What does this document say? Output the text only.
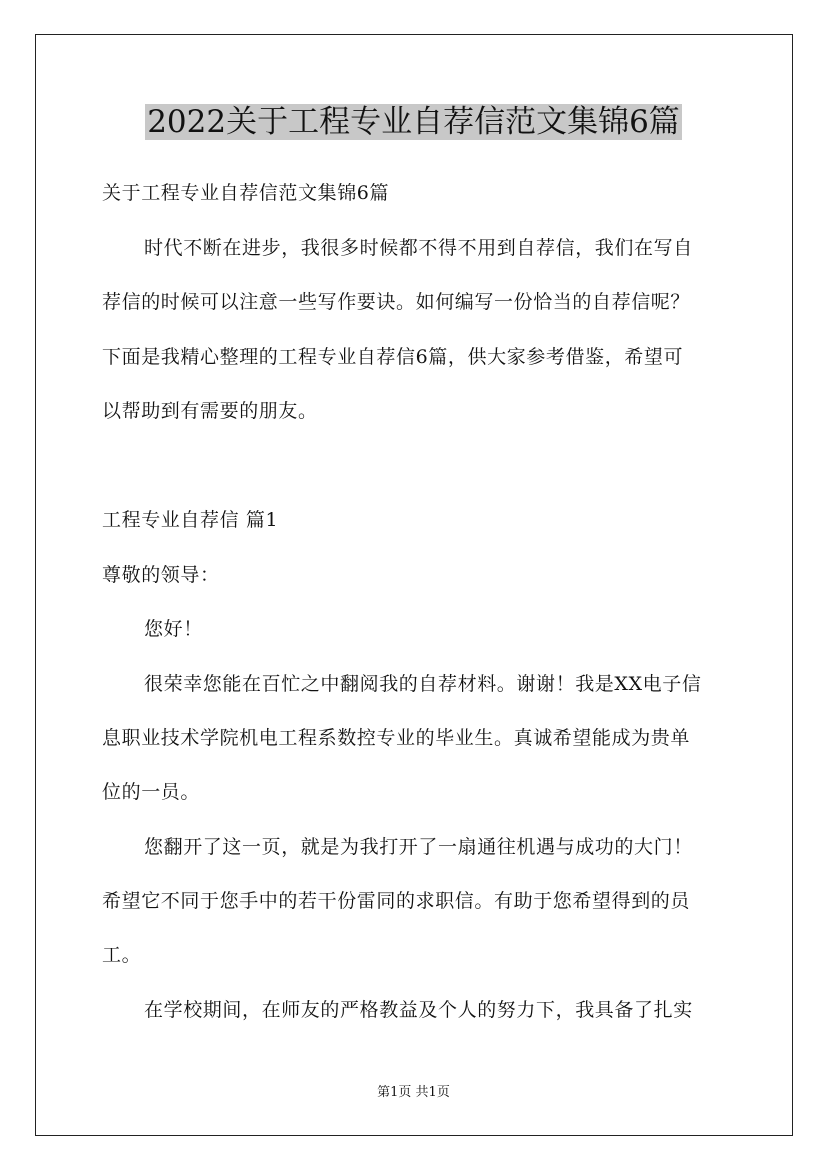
2022关于工程专业自荐信范文集锦6篇

关于工程专业自荐信范文集锦6篇

时代不断在进步，我很多时候都不得不用到自荐信，我们在写自

荐信的时候可以注意一些写作要诀。如何编写一份恰当的自荐信呢？

下面是我精心整理的工程专业自荐信6篇，供大家参考借鉴，希望可

以帮助到有需要的朋友。

工程专业自荐信 篇1

尊敬的领导：

您好！

很荣幸您能在百忙之中翻阅我的自荐材料。谢谢！我是XX电子信

息职业技术学院机电工程系数控专业的毕业生。真诚希望能成为贵单

位的一员。

您翻开了这一页，就是为我打开了一扇通往机遇与成功的大门！

希望它不同于您手中的若干份雷同的求职信。有助于您希望得到的员

工。

在学校期间，在师友的严格教益及个人的努力下，我具备了扎实

第1页 共1页
